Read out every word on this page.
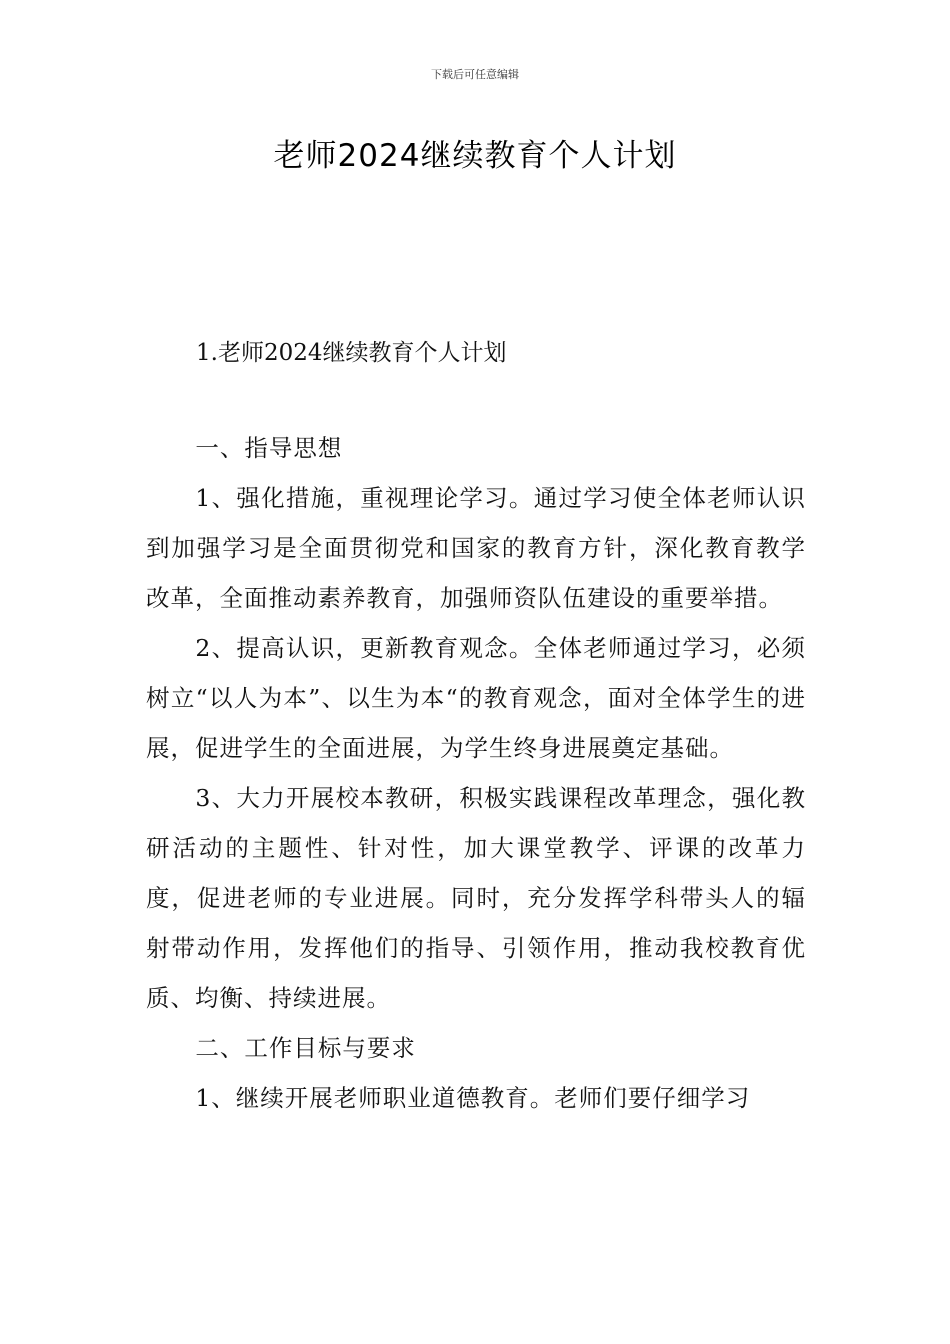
下载后可任意编辑
老师2024继续教育个人计划
1.老师2024继续教育个人计划

一、指导思想

1、强化措施，重视理论学习。通过学习使全体老师认识到加强学习是全面贯彻党和国家的教育方针，深化教育教学改革，全面推动素养教育，加强师资队伍建设的重要举措。

2、提高认识，更新教育观念。全体老师通过学习，必须树立“以人为本”、以生为本“的教育观念，面对全体学生的进展，促进学生的全面进展，为学生终身进展奠定基础。

3、大力开展校本教研，积极实践课程改革理念，强化教研活动的主题性、针对性，加大课堂教学、评课的改革力度，促进老师的专业进展。同时，充分发挥学科带头人的辐射带动作用，发挥他们的指导、引领作用，推动我校教育优质、均衡、持续进展。

二、工作目标与要求

1、继续开展老师职业道德教育。老师们要仔细学习
